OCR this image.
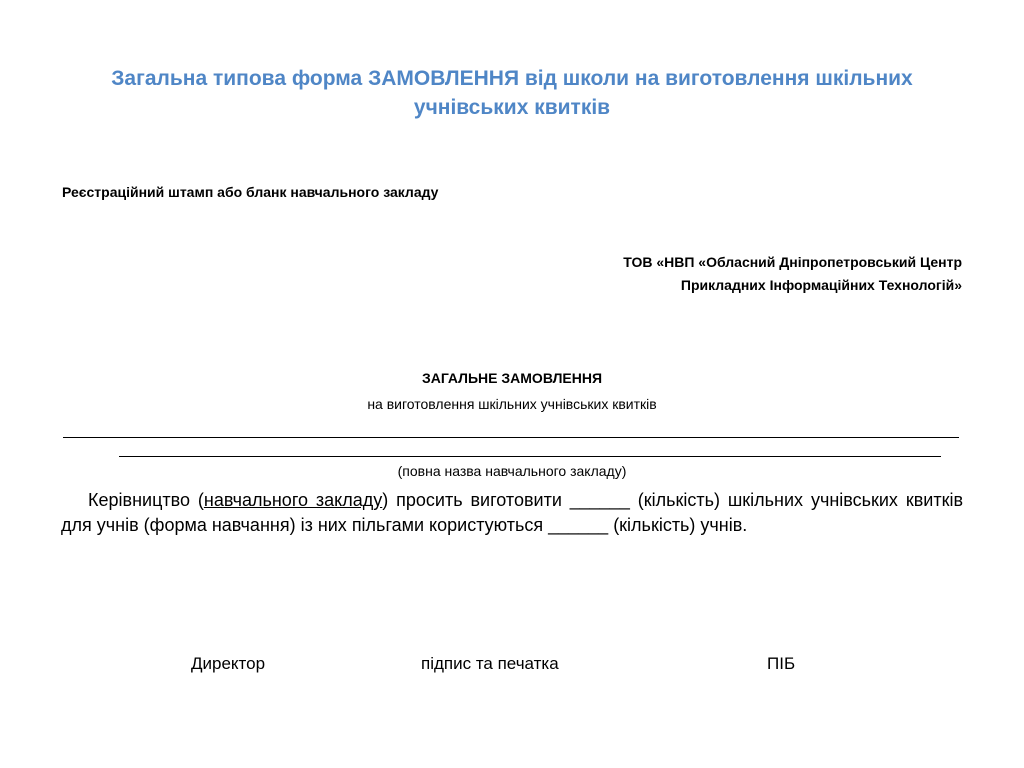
Загальна типова форма ЗАМОВЛЕННЯ від школи на виготовлення шкільних
учнівських квитків
Реєстраційний штамп або бланк навчального закладу
ТОВ «НВП «Обласний Дніпропетровський Центр
Прикладних Інформаційних Технологій»
ЗАГАЛЬНЕ ЗАМОВЛЕННЯ
на виготовлення шкільних учнівських квитків
(повна назва навчального закладу)
Керівництво (навчального закладу) просить виготовити ______ (кількість) шкільних учнівських квитків для учнів (форма навчання) із них пільгами користуються ______ (кількість) учнів.
Директор	підпис та печатка	ПІБ
